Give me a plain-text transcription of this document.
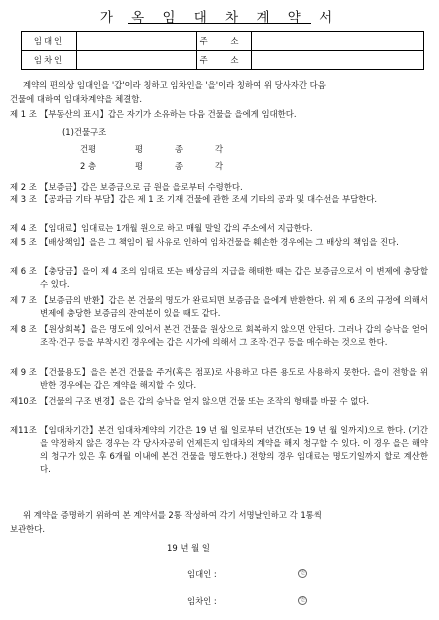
가 옥 임 대 차 계 약 서
임대인		주 소	
임차인		주 소	
계약의 편의상 임대인을 '갑'이라 칭하고 임차인을 '을'이라 칭하여 위 당사자간 다음
건물에 대하여 임대차계약을 체결함.
제 1 조 【부동산의 표시】갑은 자기가 소유하는 다음 건물을 을에게 임대한다.
(1)건물구조
건평	평	종	각
2 층	평	종	각
제 2 조 【보증금】갑은 보증금으로 금 원을 을로부터 수령한다.
제 3 조 【공과금 기타 부담】갑은 제 1 조 기재 건물에 관한 조세 기타의 공과 및 대수선을 부담한다.
제 4 조 【임대료】임대료는 1개월 원으로 하고 매월 말일 갑의 주소에서 지급한다.
제 5 조 【배상책임】을은 그 책임이 될 사유로 인하여 임차건물을 훼손한 경우에는 그 배상의 책임을 진다.
제 6 조 【충당금】을이 제 4 조의 임대료 또는 배상금의 지급을 해태한 때는 갑은 보증금으로서 이 변제에 충당할 수 있다.
제 7 조 【보증금의 반환】갑은 본 건물의 명도가 완료되면 보증금을 을에게 반환한다. 위 제 6 조의 규정에 의해서 변제에 충당한 보증금의 잔여분이 있을 때도 같다.
제 8 조 【원상회복】을은 명도에 있어서 본건 건물을 원상으로 회복하지 않으면 안된다. 그러나 갑의 승낙을 얻어 조작·건구 등을 부착시킨 경우에는 갑은 시가에 의해서 그 조작·건구 등을 매수하는 것으로 한다.
제 9 조 【건물용도】을은 본건 건물을 주거(혹은 점포)로 사용하고 다른 용도로 사용하지 못한다. 을이 전항을 위반한 경우에는 갑은 계약을 해지할 수 있다.
제10조 【건물의 구조 변경】을은 갑의 승낙을 얻지 않으면 건물 또는 조작의 형태를 바꿀 수 없다.
제11조 【임대차기간】본건 임대차계약의 기간은 19 년 월 일로부터 년간(또는 19 년 월 일까지)으로 한다. (기간을 약정하지 않은 경우는 각 당사자공히 언제든지 임대차의 계약을 해지 청구할 수 있다. 이 경우 을은 해약의 청구가 있은 후 6개월 이내에 본건 건물을 명도한다.) 전항의 경우 임대료는 명도기일까지 할로 계산한다.
위 계약을 증명하기 위하여 본 계약서를 2통 작성하여 각기 서명날인하고 각 1통씩
보관한다.
19 년 월 일
임대인 :	인
임차인 :	인
